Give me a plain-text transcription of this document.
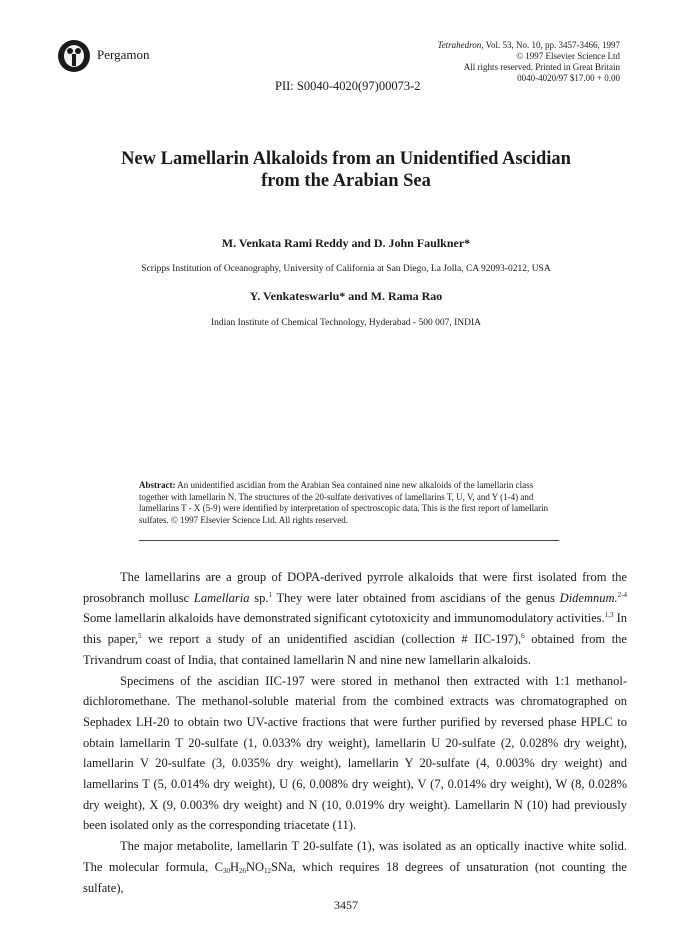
Pergamon
Tetrahedron, Vol. 53, No. 10, pp. 3457-3466, 1997
© 1997 Elsevier Science Ltd
All rights reserved. Printed in Great Britain
0040-4020/97 $17.00 + 0.00
PII: S0040-4020(97)00073-2
New Lamellarin Alkaloids from an Unidentified Ascidian
from the Arabian Sea
M. Venkata Rami Reddy and D. John Faulkner*
Scripps Institution of Oceanography, University of California at San Diego, La Jolla, CA 92093-0212, USA
Y. Venkateswarlu* and M. Rama Rao
Indian Institute of Chemical Technology, Hyderabad - 500 007, INDIA
Abstract: An unidentified ascidian from the Arabian Sea contained nine new alkaloids of the lamellarin class together with lamellarin N. The structures of the 20-sulfate derivatives of lamellarins T, U, V, and Y (1-4) and lamellarins T - X (5-9) were identified by interpretation of spectroscopic data. This is the first report of lamellarin sulfates. © 1997 Elsevier Science Ltd. All rights reserved.

The lamellarins are a group of DOPA-derived pyrrole alkaloids that were first isolated from the prosobranch mollusc Lamellaria sp.$^1$ They were later obtained from ascidians of the genus Didemnum.$^{2-4}$ Some lamellarin alkaloids have demonstrated significant cytotoxicity and immunomodulatory activities.$^{1,3}$ In this paper,$^5$ we report a study of an unidentified ascidian (collection # IIC-197),$^6$ obtained from the Trivandrum coast of India, that contained lamellarin N and nine new lamellarin alkaloids.

Specimens of the ascidian IIC-197 were stored in methanol then extracted with 1:1 methanol-dichloromethane. The methanol-soluble material from the combined extracts was chromatographed on Sephadex LH-20 to obtain two UV-active fractions that were further purified by reversed phase HPLC to obtain lamellarin T 20-sulfate (1, 0.033% dry weight), lamellarin U 20-sulfate (2, 0.028% dry weight), lamellarin V 20-sulfate (3, 0.035% dry weight), lamellarin Y 20-sulfate (4, 0.003% dry weight) and lamellarins T (5, 0.014% dry weight), U (6, 0.008% dry weight), V (7, 0.014% dry weight), W (8, 0.028% dry weight), X (9, 0.003% dry weight) and N (10, 0.019% dry weight). Lamellarin N (10) had previously been isolated only as the corresponding triacetate (11).

The major metabolite, lamellarin T 20-sulfate (1), was isolated as an optically inactive white solid. The molecular formula, $C_{30}H_{26}NO_{12}SNa$, which requires 18 degrees of unsaturation (not counting the sulfate),

3457
